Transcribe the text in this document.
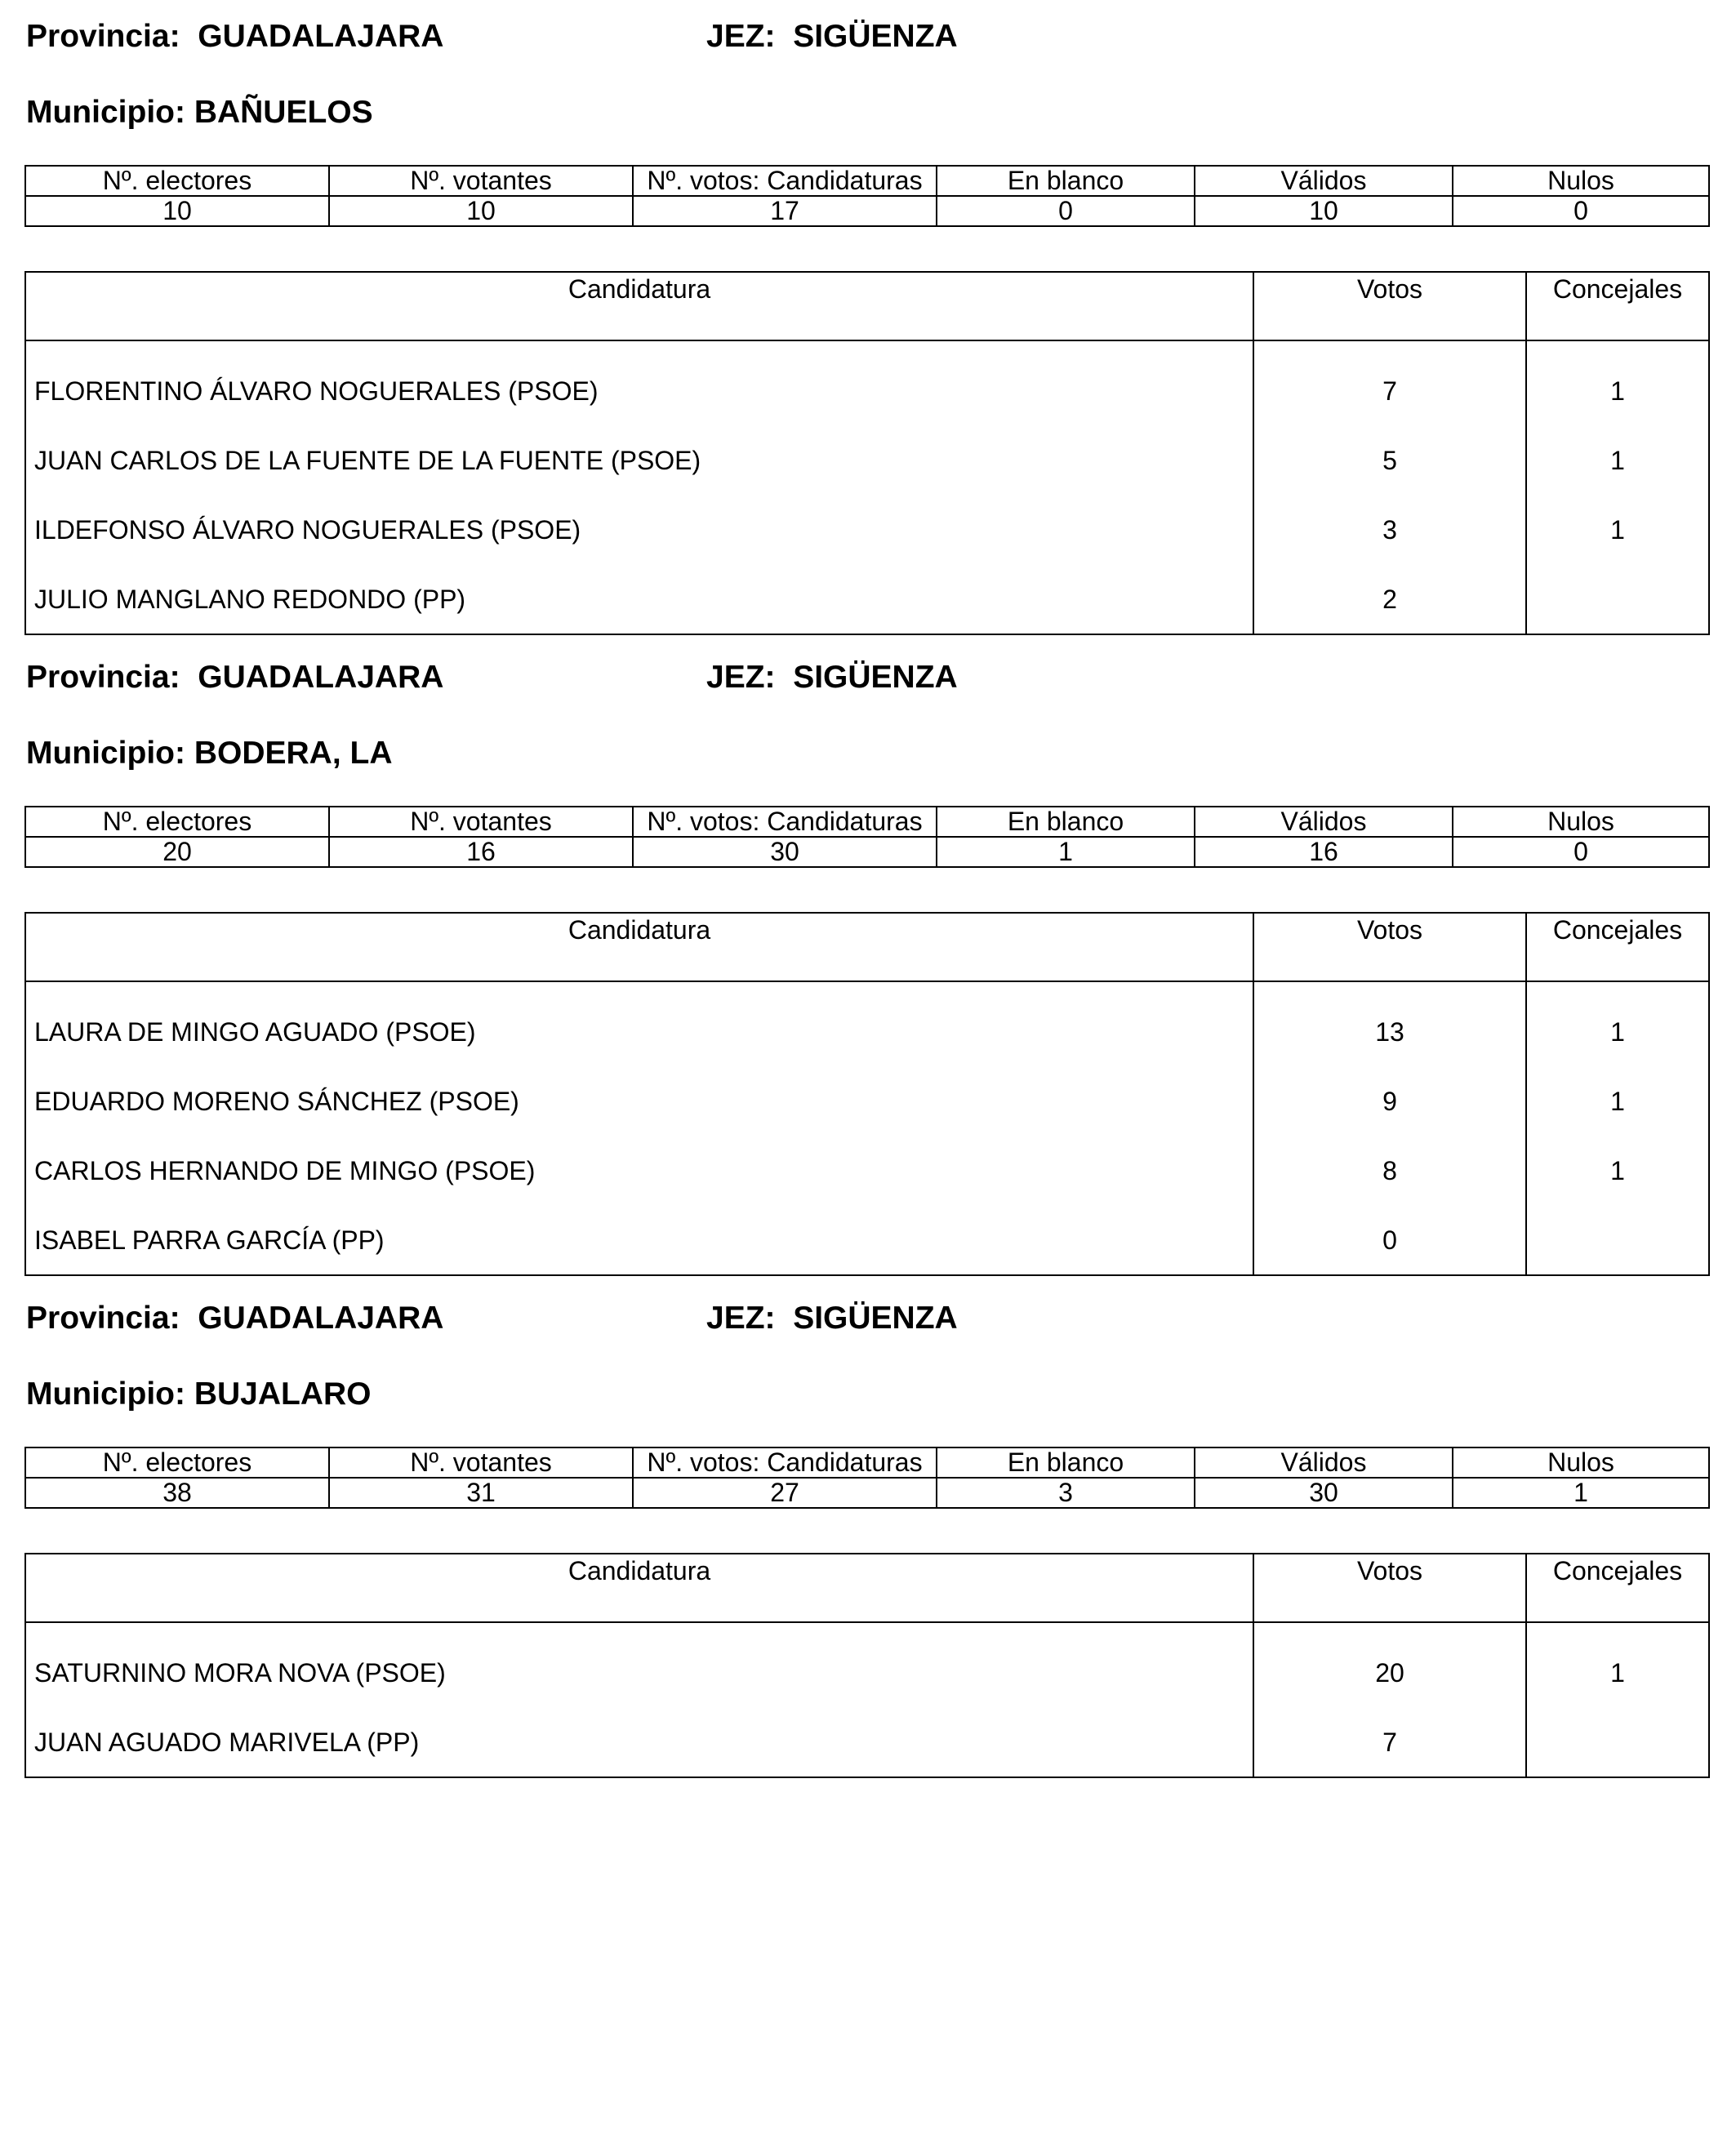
Provincia: GUADALAJARA	JEZ: SIGÜENZA
Municipio: BAÑUELOS
Nº. electores	Nº. votantes	Nº. votos: Candidaturas	En blanco	Válidos	Nulos
10	10	17	0	10	0
Candidatura	Votos	Concejales
FLORENTINO ÁLVARO NOGUERALES (PSOE)	7	1
JUAN CARLOS DE LA FUENTE DE LA FUENTE (PSOE)	5	1
ILDEFONSO ÁLVARO NOGUERALES (PSOE)	3	1
JULIO MANGLANO REDONDO (PP)	2	
Provincia: GUADALAJARA	JEZ: SIGÜENZA
Municipio: BODERA, LA
Nº. electores	Nº. votantes	Nº. votos: Candidaturas	En blanco	Válidos	Nulos
20	16	30	1	16	0
Candidatura	Votos	Concejales
LAURA DE MINGO AGUADO (PSOE)	13	1
EDUARDO MORENO SÁNCHEZ (PSOE)	9	1
CARLOS HERNANDO DE MINGO (PSOE)	8	1
ISABEL PARRA GARCÍA (PP)	0	
Provincia: GUADALAJARA	JEZ: SIGÜENZA
Municipio: BUJALARO
Nº. electores	Nº. votantes	Nº. votos: Candidaturas	En blanco	Válidos	Nulos
38	31	27	3	30	1
Candidatura	Votos	Concejales
SATURNINO MORA NOVA (PSOE)	20	1
JUAN AGUADO MARIVELA (PP)	7	
